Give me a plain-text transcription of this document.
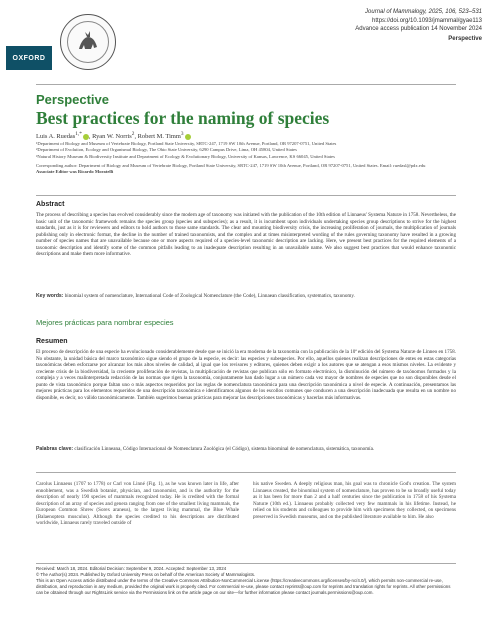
OXFORD
Journal of Mammalogy, 2025, 106, 523–531
https://doi.org/10.1093/jmammal/gyae113
Advance access publication 14 November 2024
Perspective
Perspective
Best practices for the naming of species
Luis A. Ruedas$^{1,*}$ , Ryan W. Norris$^2$, Robert M. Timm$^3$

¹Department of Biology and Museum of Vertebrate Biology, Portland State University, SRTC-247, 1719 SW 10th Avenue, Portland, OR 97207-0751, United States

²Department of Evolution, Ecology and Organismal Biology, The Ohio State University, 6290 Campus Drive, Lima, OH 45804, United States

³Natural History Museum & Biodiversity Institute and Department of Ecology & Evolutionary Biology, University of Kansas, Lawrence, KS 66045, United States

Corresponding author: Department of Biology and Museum of Vertebrate Biology, Portland State University, SRTC-247, 1719 SW 10th Avenue, Portland, OR 97207-0751, United States. Email: ruedasl@pdx.edu

Associate Editor was Ricardo Moratelli

Abstract

The process of describing a species has evolved considerably since the modern age of taxonomy was initiated with the publication of the 10th edition of Linnaeus' Systema Naturæ in 1758. Nevertheless, the basic unit of the taxonomic framework remains the species group (species and subspecies); as a result, it is incumbent upon individuals undertaking species group descriptions to strive for the highest standards, just as it is for reviewers and editors to hold authors to those same standards. The clear and mounting biodiversity crisis, the increasing proliferation of journals, the multiplication of journals publishing only in electronic format, the decline in the number of trained taxonomists, and the complex and at times misinterpreted wording of the rules governing taxonomy have resulted in a growing number of species names that are unavailable because one or more aspects required of a species-level taxonomic description are lacking. Here, we present best practices for the required elements of a taxonomic description and identify some of the common pitfalls leading to an inadequate description resulting in an unavailable name. We also suggest best practices that would enhance taxonomic descriptions and make them more informative.

Key words: binomial system of nomenclature, International Code of Zoological Nomenclature (the Code), Linnaean classification, systematics, taxonomy.
Mejores prácticas para nombrar especies
Resumen

El proceso de descripción de una especie ha evolucionado considerablemente desde que se inició la era moderna de la taxonomía con la publicación de la 10ª edición del Systema Naturæ de Linneo en 1758. No obstante, la unidad básica del marco taxonómico sigue siendo el grupo de la especie, es decir: las especies y subespecies. Por ello, aquellos quienes realizan descripciones de entes en estas categorías taxonómicas deben esforzarse por alcanzar los más altos niveles de calidad, al igual que los revisores y editores, quienes deben exigir a los autores que se atengan a esos mismos niveles. La evidente y creciente crisis de la biodiversidad, la creciente proliferación de revistas, la multiplicación de revistas que publican sólo en formato electrónico, la disminución del número de taxónomos formados y la compleja y a veces malinterpretada redacción de las normas que rigen la taxonomía, conjuntamente han dado lugar a un número cada vez mayor de nombres de especies que no son disponibles desde el punto de vista taxonómico porque faltan uno o más aspectos requeridos por las reglas de nomenclatura taxonómica para una descripción taxonómica a nivel de especie. A continuación, presentamos las mejores prácticas para los elementos requeridos de una descripción taxonómica e identificamos algunos de los escollos comunes que conducen a una descripción inadecuada que resulta en un nombre no disponible, es decir, no válido taxonómicamente. También sugerimos buenas prácticas para mejorar las descripciones taxonómicas y hacerlas más informativas.

Palabras clave: clasificación Linneana, Código Internacional de Nomenclatura Zoológica (el Código), sistema binominal de nomenclatura, sistemática, taxonomía.
Carolus Linnaeus (1707 to 1778) or Carl von Linné (Fig. 1), as he was known later in life, after ennoblement, was a Swedish botanist, physician, and taxonomist, and is the authority for the description of nearly 190 species of mammals recognized today. He is credited with the formal description of an array of species and genera ranging from one of the smallest living mammals, the European Common Shrew (Sorex araneus), to the largest living mammal, the Blue Whale (Balaenoptera musculus). Although the species credited to his descriptions are distributed worldwide, Linnaeus rarely traveled outside of
his native Sweden. A deeply religious man, his goal was to chronicle God's creation. The system Linnaeus created, the binominal system of nomenclature, has proven to be so broadly useful today as it has been for more than 2 and a half centuries since the publication in 1758 of his Systema Naturæ (10th ed.). Linnaeus probably collected very few mammals in his lifetime. Instead, he relied on his students and colleagues to provide him with specimens they collected, on specimens preserved in Swedish museums, and on the published literature available to him. He also

Received: March 18, 2024. Editorial Decision: September 9, 2024. Accepted: September 13, 2024

© The Author(s) 2024. Published by Oxford University Press on behalf of the American Society of Mammalogists.

This is an Open Access article distributed under the terms of the Creative Commons Attribution-NonCommercial License (https://creativecommons.org/licenses/by-nc/4.0/), which permits non-commercial re-use, distribution, and reproduction in any medium, provided the original work is properly cited. For commercial re-use, please contact reprints@oup.com for reprints and translation rights for reprints. All other permissions can be obtained through our RightsLink service via the Permissions link on the article page on our site—for further information please contact journals.permissions@oup.com.
